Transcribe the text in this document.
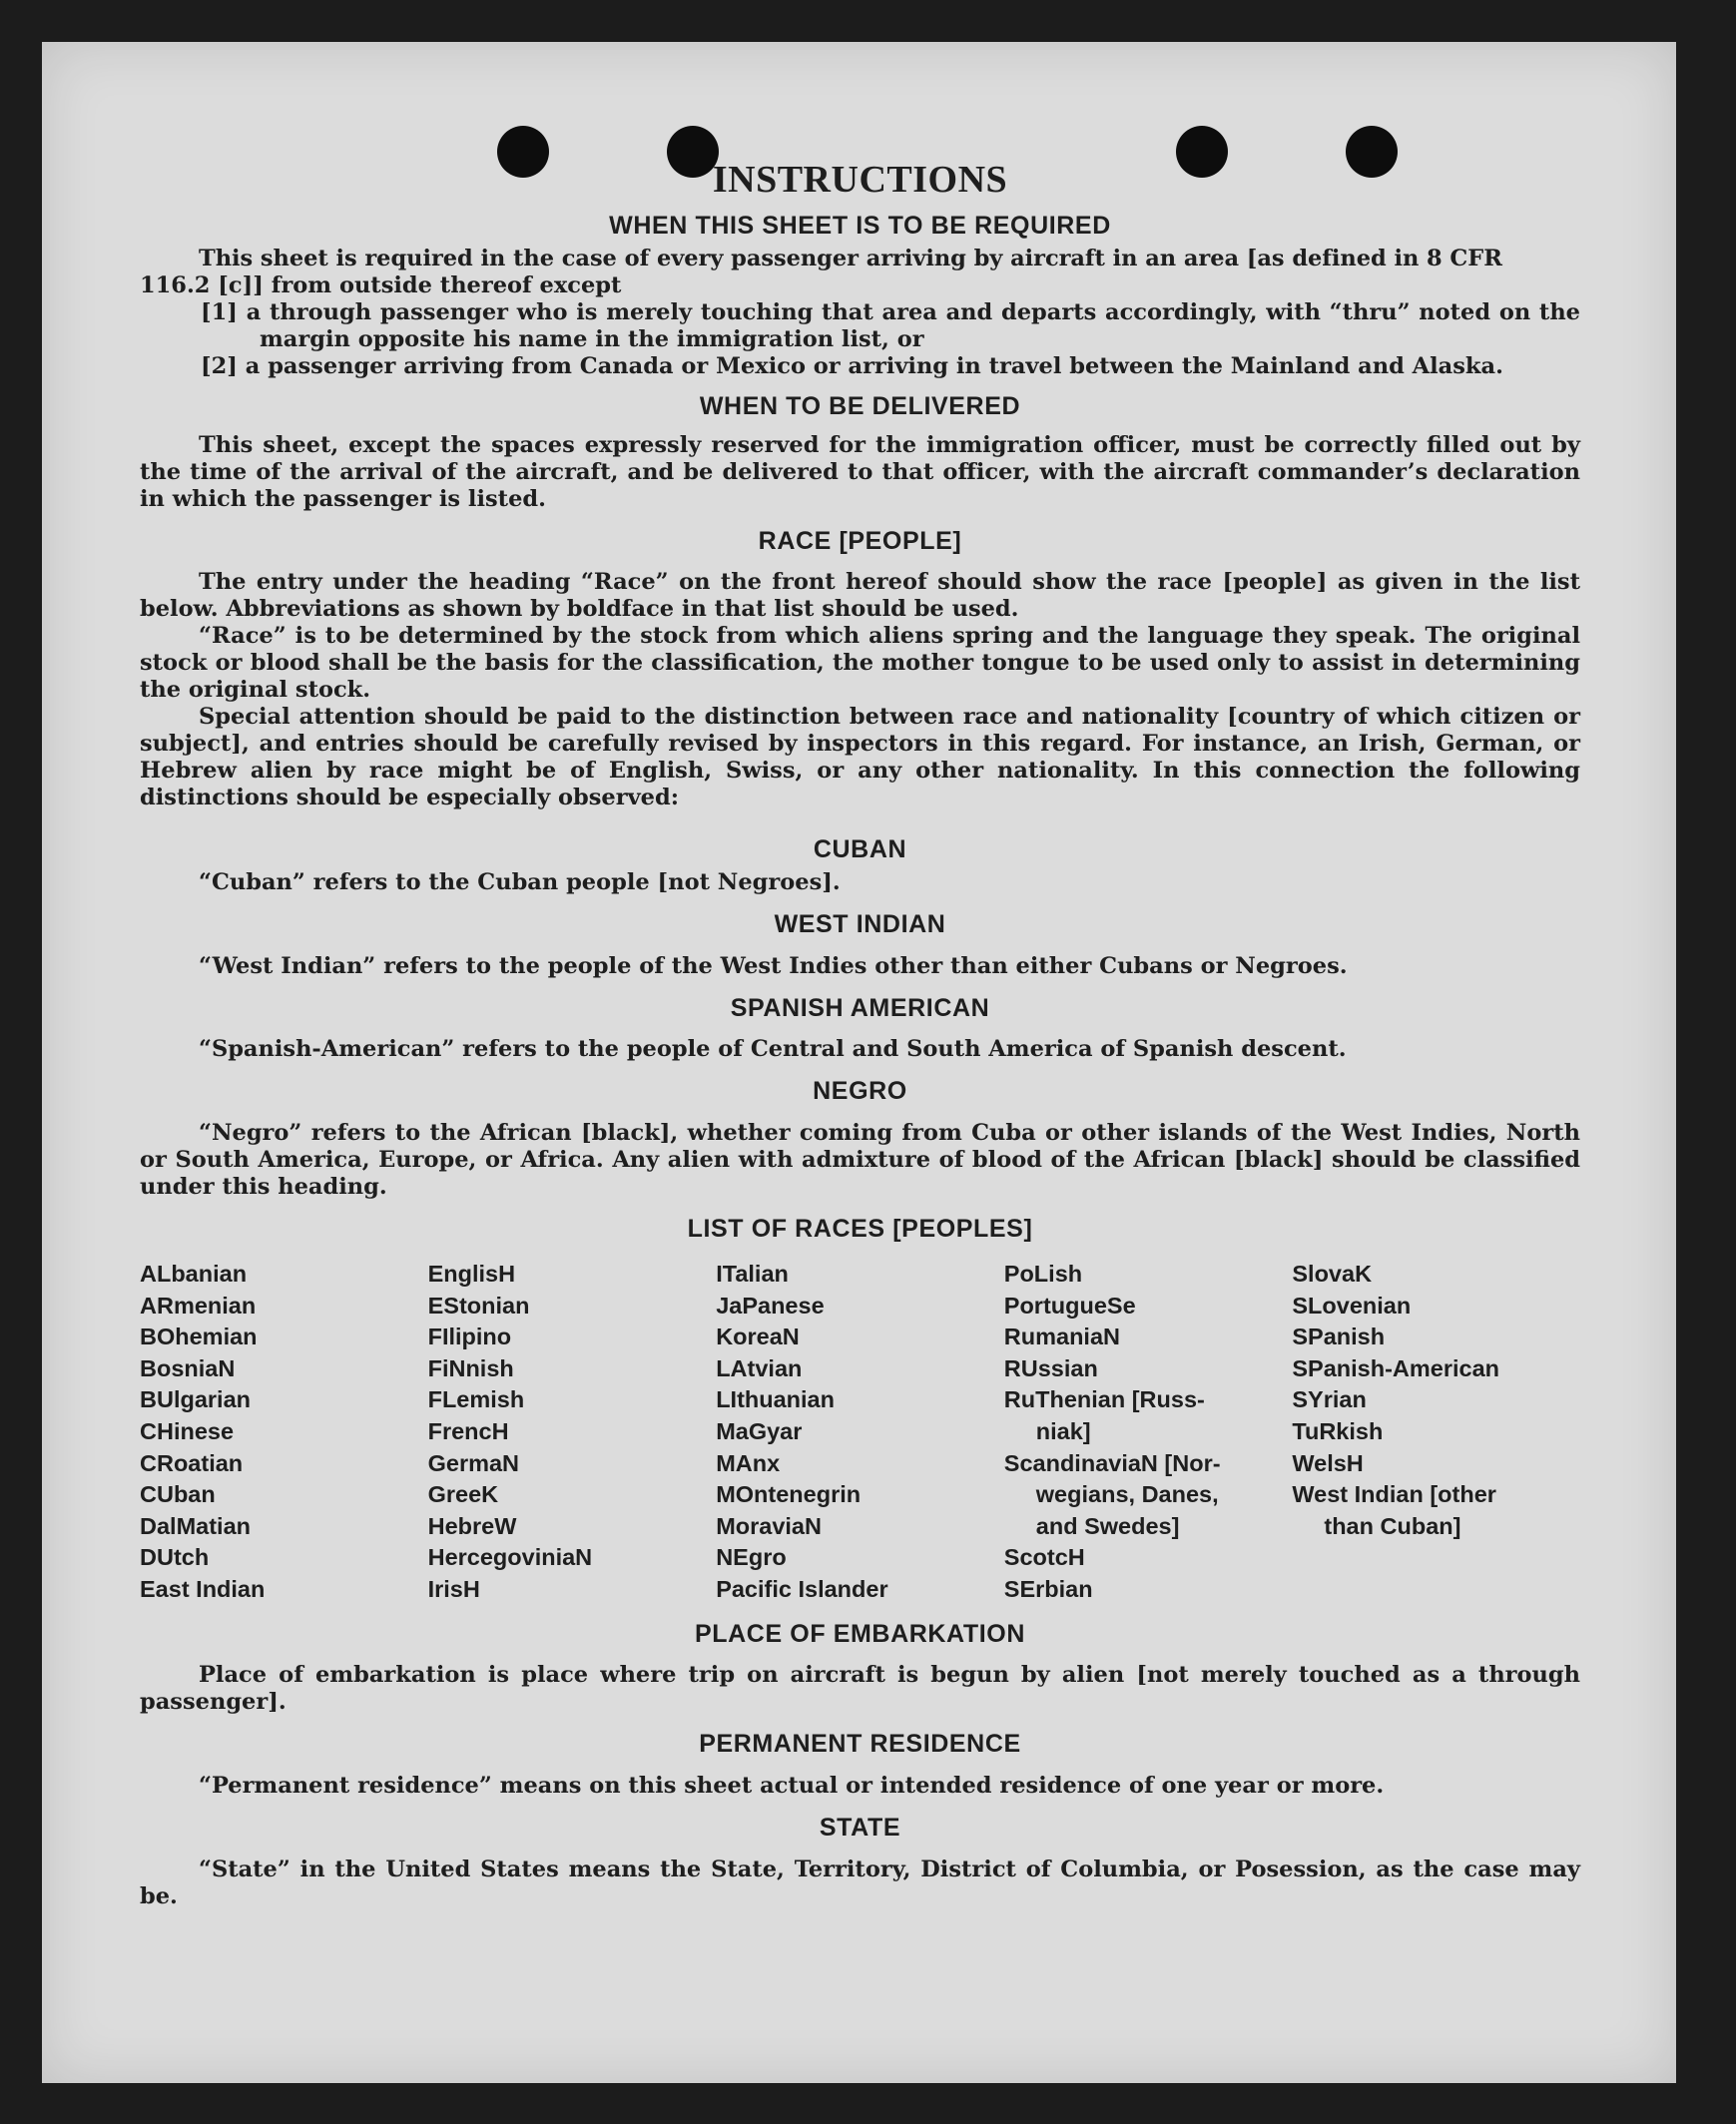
INSTRUCTIONS
WHEN THIS SHEET IS TO BE REQUIRED
This sheet is required in the case of every passenger arriving by aircraft in an area [as defined in 8 CFR
116.2 [c]] from outside thereof except

[1] a through passenger who is merely touching that area and departs accordingly, with “thru” noted on the margin opposite his name in the immigration list, or

[2] a passenger arriving from Canada or Mexico or arriving in travel between the Mainland and Alaska.

WHEN TO BE DELIVERED

This sheet, except the spaces expressly reserved for the immigration officer, must be correctly filled out by the time of the arrival of the aircraft, and be delivered to that officer, with the aircraft commander’s declaration in which the passenger is listed.

RACE [PEOPLE]

The entry under the heading “Race” on the front hereof should show the race [people] as given in the list below. Abbreviations as shown by boldface in that list should be used.

“Race” is to be determined by the stock from which aliens spring and the language they speak. The original stock or blood shall be the basis for the classification, the mother tongue to be used only to assist in determining the original stock.

Special attention should be paid to the distinction between race and nationality [country of which citizen or subject], and entries should be carefully revised by inspectors in this regard. For instance, an Irish, German, or Hebrew alien by race might be of English, Swiss, or any other nationality. In this connection the following distinctions should be especially observed:

CUBAN

“Cuban” refers to the Cuban people [not Negroes].

WEST INDIAN

“West Indian” refers to the people of the West Indies other than either Cubans or Negroes.

SPANISH AMERICAN

“Spanish-American” refers to the people of Central and South America of Spanish descent.

NEGRO

“Negro” refers to the African [black], whether coming from Cuba or other islands of the West Indies, North or South America, Europe, or Africa. Any alien with admixture of blood of the African [black] should be classified under this heading.

LIST OF RACES [PEOPLES]
ALbanian
ARmenian
BOhemian
BosniaN
BUlgarian
CHinese
CRoatian
CUban
DalMatian
DUtch
East Indian
EnglisH
EStonian
FIlipino
FiNnish
FLemish
FrencH
GermaN
GreeK
HebreW
HercegoviniaN
IrisH
ITalian
JaPanese
KoreaN
LAtvian
LIthuanian
MaGyar
MAnx
MOntenegrin
MoraviaN
NEgro
Pacific Islander
PoLish
PortugueSe
RumaniaN
RUssian
RuThenian [Russ-
niak]
ScandinaviaN [Nor-
wegians, Danes,
and Swedes]
ScotcH
SErbian
SlovaK
SLovenian
SPanish
SPanish-American
SYrian
TuRkish
WelsH
West Indian [other
than Cuban]
PLACE OF EMBARKATION

Place of embarkation is place where trip on aircraft is begun by alien [not merely touched as a through passenger].

PERMANENT RESIDENCE

“Permanent residence” means on this sheet actual or intended residence of one year or more.

STATE

“State” in the United States means the State, Territory, District of Columbia, or Posession, as the case may be.
